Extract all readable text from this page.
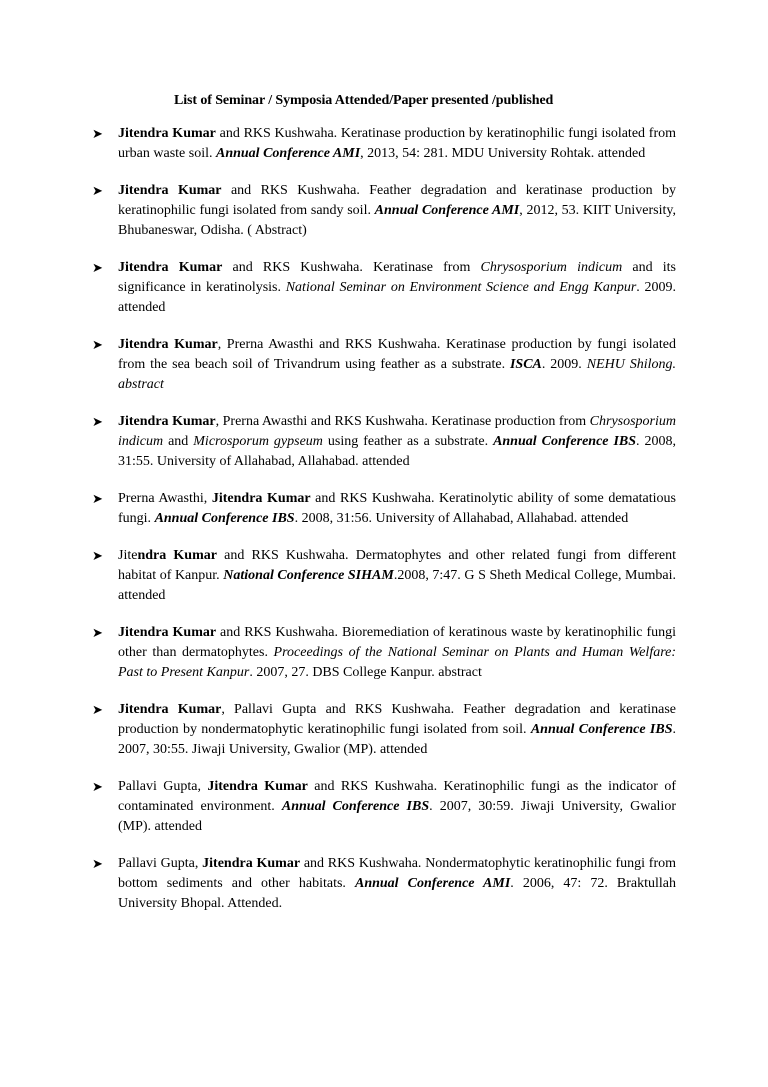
List of Seminar / Symposia Attended/Paper presented /published
➤ Jitendra Kumar and RKS Kushwaha. Keratinase production by keratinophilic fungi isolated from urban waste soil. Annual Conference AMI, 2013, 54: 281. MDU University Rohtak. attended
➤ Jitendra Kumar and RKS Kushwaha. Feather degradation and keratinase production by keratinophilic fungi isolated from sandy soil. Annual Conference AMI, 2012, 53. KIIT University, Bhubaneswar, Odisha. ( Abstract)
➤ Jitendra Kumar and RKS Kushwaha. Keratinase from Chrysosporium indicum and its significance in keratinolysis. National Seminar on Environment Science and Engg Kanpur. 2009. attended
➤ Jitendra Kumar, Prerna Awasthi and RKS Kushwaha. Keratinase production by fungi isolated from the sea beach soil of Trivandrum using feather as a substrate. ISCA. 2009. NEHU Shilong. abstract
➤ Jitendra Kumar, Prerna Awasthi and RKS Kushwaha. Keratinase production from Chrysosporium indicum and Microsporum gypseum using feather as a substrate. Annual Conference IBS. 2008, 31:55. University of Allahabad, Allahabad. attended
➤ Prerna Awasthi, Jitendra Kumar and RKS Kushwaha. Keratinolytic ability of some dematatious fungi. Annual Conference IBS. 2008, 31:56. University of Allahabad, Allahabad. attended
➤ Jitendra Kumar and RKS Kushwaha. Dermatophytes and other related fungi from different habitat of Kanpur. National Conference SIHAM.2008, 7:47. G S Sheth Medical College, Mumbai. attended
➤ Jitendra Kumar and RKS Kushwaha. Bioremediation of keratinous waste by keratinophilic fungi other than dermatophytes. Proceedings of the National Seminar on Plants and Human Welfare: Past to Present Kanpur. 2007, 27. DBS College Kanpur. abstract
➤ Jitendra Kumar, Pallavi Gupta and RKS Kushwaha. Feather degradation and keratinase production by nondermatophytic keratinophilic fungi isolated from soil. Annual Conference IBS. 2007, 30:55. Jiwaji University, Gwalior (MP). attended
➤ Pallavi Gupta, Jitendra Kumar and RKS Kushwaha. Keratinophilic fungi as the indicator of contaminated environment. Annual Conference IBS. 2007, 30:59. Jiwaji University, Gwalior (MP). attended
➤ Pallavi Gupta, Jitendra Kumar and RKS Kushwaha. Nondermatophytic keratinophilic fungi from bottom sediments and other habitats. Annual Conference AMI. 2006, 47: 72. Braktullah University Bhopal. Attended.
